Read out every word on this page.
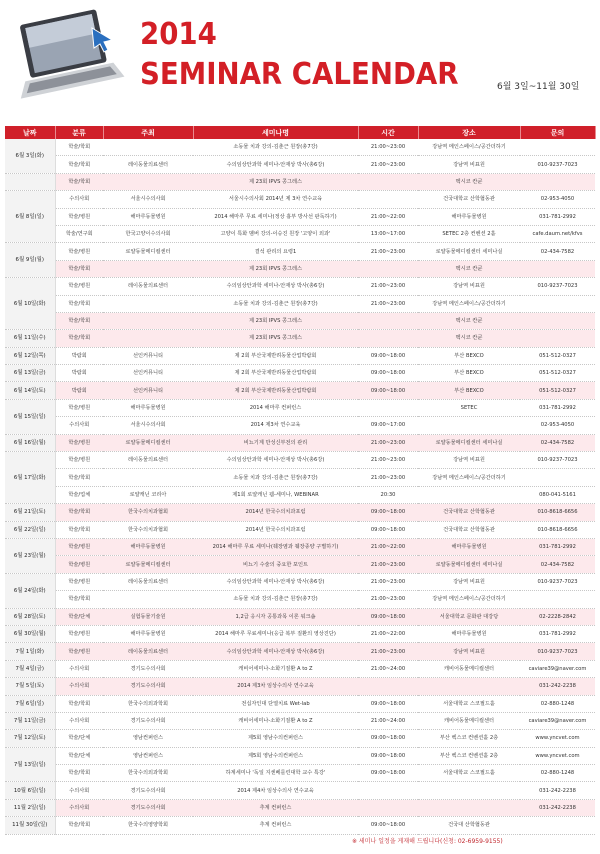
2014
SEMINAR CALENDAR	6월 3일~11월 30일
날짜	분류	주최	세미나명	시간	장소	문의
6월 3일(화)	학술/학회		소동물 치과 강의-김춘근 원장(총7강)	21:00~23:00	강남역 메인스페이스/공간더하기	
	학술/학회	레이동물의료센터	수의임상안과학 세미나-안재상 박사(총6강)	21:00~23:00	강남역 비표원	010-9237-7023
	학술/학회		제 23회 IPVS 콩그레스		멕시코 칸쿤	
6월 8일(일)	수의사회	서울시수의사회	서울시수의사회 2014년 제 3차 연수교육		건국대학교 산학협동관	02-953-4050
	학술/병원	해마루동물병원	2014 해마루 무료 세미나(정상 흉부 방사선 판독하기)	21:00~22:00	해마루동물병원	031-781-2992
	학술/연구회	한국고양이수의사회	고양이 특화 멤버 강의-이승진 원장 '고양이 외과'	13:00~17:00	SETEC 2층 컨벤션 2홀	cafe.daum.net/kfvs
6월 9일(월)	학술/병원	로얄동물메디컬센터	결석 관리의 요령1	21:00~23:00	로얄동물메디컬센터 세미나실	02-434-7582
	학술/학회		제 23회 IPVS 콩그레스		멕시코 칸쿤	
6월 10일(화)	학술/병원	레이동물의료센터	수의임상안과학 세미나-안재상 박사(총6강)	21:00~23:00	강남역 비표원	010-9237-7023
	학술/학회		소동물 치과 강의-김춘근 원장(총7강)	21:00~23:00	강남역 메인스페이스/공간더하기	
	학술/학회		제 23회 IPVS 콩그레스		멕시코 칸쿤	
6월 11일(수)	학술/학회		제 23회 IPVS 콩그레스		멕시코 칸쿤	
6월 12일(목)	박람회	선인커뮤니티	제 2회 부산국제반려동물산업박람회	09:00~18:00	부산 BEXCO	051-512-0327
6월 13일(금)	박람회	선인커뮤니티	제 2회 부산국제반려동물산업박람회	09:00~18:00	부산 BEXCO	051-512-0327
6월 14일(토)	박람회	선인커뮤니티	제 2회 부산국제반려동물산업박람회	09:00~18:00	부산 BEXCO	051-512-0327
6월 15일(일)	학술/병원	해마루동물병원	2014 해마루 컨퍼런스		SETEC	031-781-2992
	수의사회	서울시수의사회	2014 제3차 연수교육	09:00~17:00		02-953-4050
6월 16일(월)	학술/병원	로얄동물메디컬센터	비뇨기계 만성신부전의 관리	21:00~23:00	로얄동물메디컬센터 세미나실	02-434-7582
6월 17일(화)	학술/병원	레이동물의료센터	수의임상안과학 세미나-안재상 박사(총6강)	21:00~23:00	강남역 비표원	010-9237-7023
	학술/학회		소동물 치과 강의-김춘근 원장(총7강)	21:00~23:00	강남역 메인스페이스/공간더하기	
	학술/업체	로얄캐닌 코리아	제1회 로얄캐닌 웹-세미나, WEBINAR	20:30		080-041-5161
6월 21일(토)	학술/학회	한국수의치과협회	2014년 한국수의치과포럼	09:00~18:00	건국대학교 산학협동관	010-8618-6656
6월 22일(일)	학술/학회	한국수의치과협회	2014년 한국수의치과포럼	09:00~18:00	건국대학교 산학협동관	010-8618-6656
6월 23일(월)	학술/병원	해마루동물병원	2014 해마루 무료 세미나(췌장염과 췌장종양 구별하기)	21:00~22:00	해마루동물병원	031-781-2992
	학술/병원	로얄동물메디컬센터	비뇨기 수술의 중요한 포인트	21:00~23:00	로얄동물메디컬센터 세미나실	02-434-7582
6월 24일(화)	학술/병원	레이동물의료센터	수의임상안과학 세미나-안재상 박사(총6강)	21:00~23:00	강남역 비표원	010-9237-7023
	학술/학회		소동물 치과 강의-김춘근 원장(총7강)	21:00~23:00	강남역 메인스페이스/공간더하기	
6월 28일(토)	학술/단체	실험동물기술원	1,2급 응시자 공통과목 이론 워크숍	09:00~18:00	서울대학교 문화관 대강당	02-2228-2842
6월 30일(월)	학술/병원	해마루동물병원	2014 해마루 무료세미나(응급 복부 질환의 영상진단)	21:00~22:00	해마루동물병원	031-781-2992
7월 1일(화)	학술/병원	레이동물의료센터	수의임상안과학 세미나-안재상 박사(총6강)	21:00~23:00	강남역 비표원	010-9237-7023
7월 4일(금)	수의사회	경기도수의사회	캐비어세미나-소화기질환 A to Z	21:00~24:00	캐비어동물메디컬센터	caviare39@naver.com
7월 5일(토)	수의사회	경기도수의사회	2014 제3차 임상수의사 연수교육			031-242-2238
7월 6일(일)	학술/학회	한국수의외과학회	전십자인대 단열치료 Wet-lab	09:00~18:00	서울대학교 스코필드홀	02-880-1248
7월 11일(금)	수의사회	경기도수의사회	캐비어세미나-소화기질환 A to Z	21:00~24:00	캐비어동물메디컬센터	caviare39@naver.com
7월 12일(토)	학술/단체	영남컨퍼런스	제5회 영남수의컨퍼런스	09:00~18:00	부산 벡스코 컨벤션홀 2층	www.yncvet.com
7월 13일(일)	학술/단체	영남컨퍼런스	제5회 영남수의컨퍼런스	09:00~18:00	부산 벡스코 컨벤션홀 2층	www.yncvet.com
	학술/학회	한국수의외과학회	하계세미나 '독일 지센베를린대학 교수 특강'	09:00~18:00	서울대학교 스코필드홀	02-880-1248
10월 6일(일)	수의사회	경기도수의사회	2014 제4차 임상수의사 연수교육			031-242-2238
11월 2일(일)	수의사회	경기도수의사회	추계 컨퍼런스			031-242-2238
11월 30일(일)	학술/학회	한국수의영양학회	추계 컨퍼런스	09:00~18:00	건국대 산학협동관	
※ 세미나 일정을 게재해 드립니다(신청: 02-6959-9155)
